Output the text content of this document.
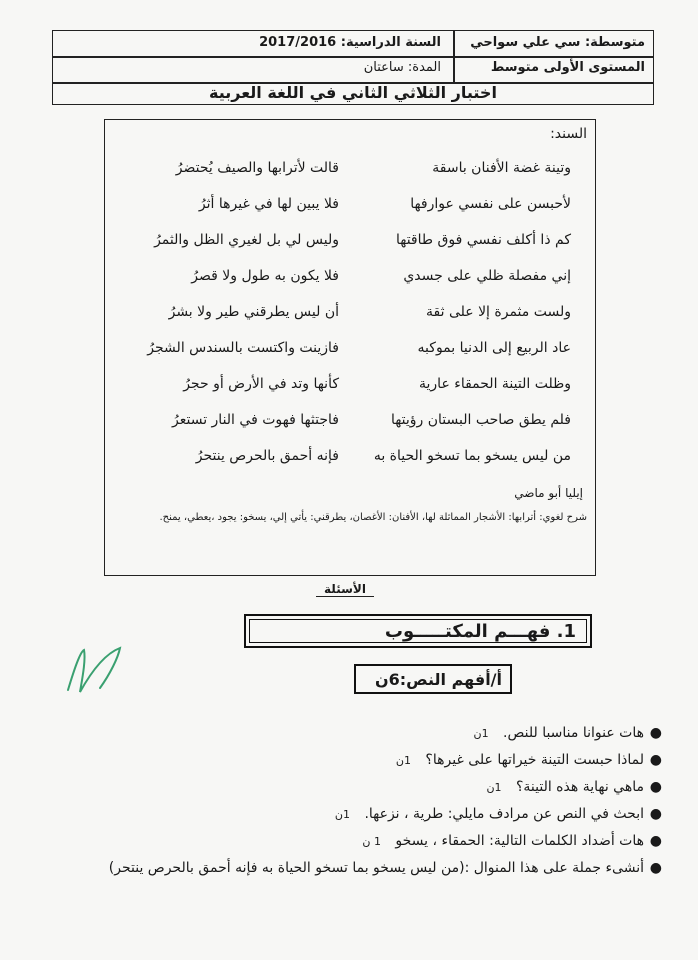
متوسطة: سي علي سواحي
المستوى الأولى متوسط
السنة الدراسية: 2017/2016
المدة: ساعتان
اختبار الثلاثي الثاني في اللغة العربية
السند:
وتينة غضة الأفنان باسقة
قالت لأترابها والصيف يُحتضرُ
لأحبسن على نفسي عوارفها
فلا يبين لها في غيرها أثرُ
كم ذا أكلف نفسي فوق طاقتها
وليس لي بل لغيري الظل والثمرُ
إني مفصلة ظلي على جسدي
فلا يكون به طول ولا قصرُ
ولست مثمرة إلا على ثقة
أن ليس يطرقني طير ولا بشرُ
عاد الربيع إلى الدنيا بموكبه
فازينت واكتست بالسندس الشجرُ
وظلت التينة الحمقاء عارية
كأنها وتد في الأرض أو حجرُ
فلم يطق صاحب البستان رؤيتها
فاجتثها فهوت في النار تستعرُ
من ليس يسخو بما تسخو الحياة به
فإنه أحمق بالحرص ينتحرُ
إيليا أبو ماضي
شرح لغوي: أترابها: الأشجار المماثلة لها، الأفنان: الأغصان، يطرقني: يأتي إلي، يسخو: يجود ،يعطي، يمنح.
الأسئلة
1. فهـــم المكتـــــوب
أ/أفهم النص:6ن
●
هات عنوانا مناسبا للنص. 1ن
●
لماذا حبست التينة خيراتها على غيرها؟ 1ن
●
ماهي نهاية هذه التينة؟ 1ن
●
ابحث في النص عن مرادف مايلي: طرية ، نزعها. 1ن
●
هات أضداد الكلمات التالية: الحمقاء ، يسخو 1 ن
●
أنشىء جملة على هذا المنوال :(من ليس يسخو بما تسخو الحياة به فإنه أحمق بالحرص ينتحر)
